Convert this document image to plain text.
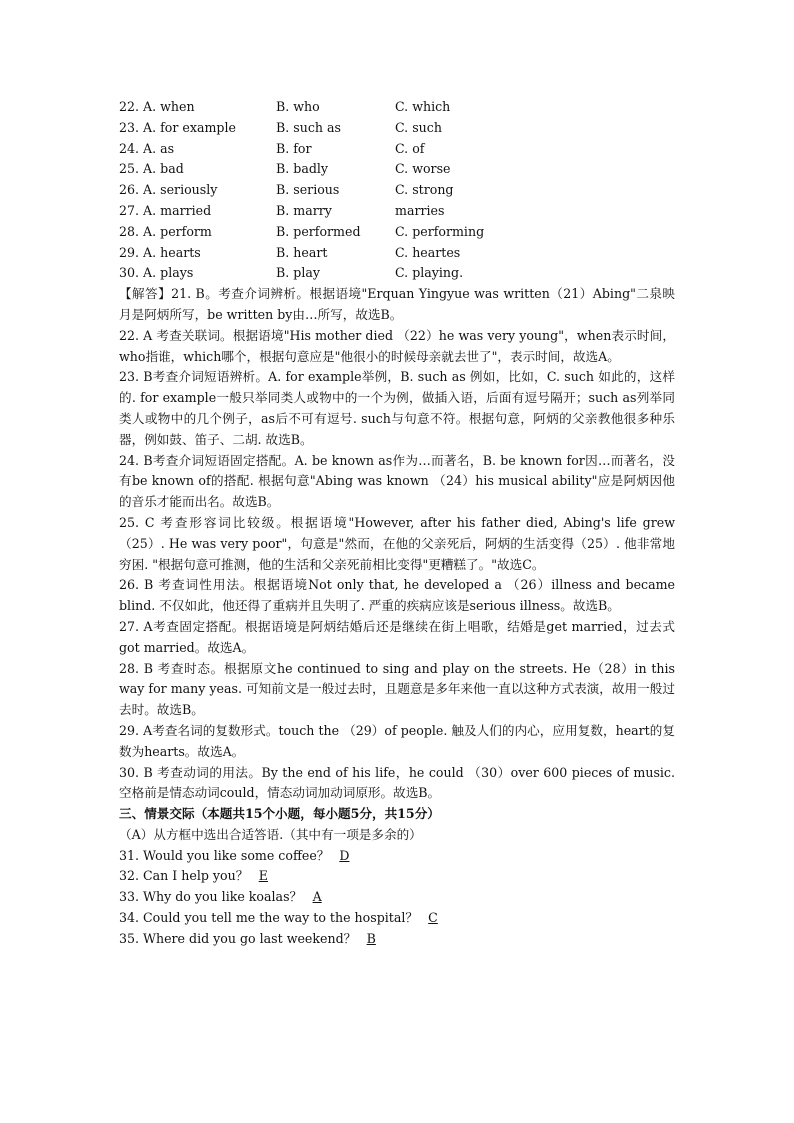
22. A. when	B. who	C. which
23. A. for example	B. such as	C. such
24. A. as	B. for	C. of
25. A. bad	B. badly	C. worse
26. A. seriously	B. serious	C. strong
27. A. married	B. marry	marries
28. A. perform	B. performed	C. performing
29. A. hearts	B. heart	C. heartes
30. A. plays	B. play	C. playing.

【解答】21. B。考查介词辨析。根据语境"Erquan Yingyue was written（21）Abing"二泉映月是阿炳所写，be written by由…所写，故选B。

22. A 考查关联词。根据语境"His mother died （22）he was very young"，when表示时间，who指谁，which哪个，根据句意应是"他很小的时候母亲就去世了"，表示时间，故选A。

23. B考查介词短语辨析。A. for example举例，B. such as 例如，比如，C. such 如此的，这样的. for example一般只举同类人或物中的一个为例，做插入语，后面有逗号隔开；such as列举同类人或物中的几个例子，as后不可有逗号. such与句意不符。根据句意，阿炳的父亲教他很多种乐器，例如鼓、笛子、二胡. 故选B。

24. B考查介词短语固定搭配。A. be known as作为…而著名，B. be known for因…而著名，没有be known of的搭配. 根据句意"Abing was known （24）his musical ability"应是阿炳因他的音乐才能而出名。故选B。

25. C 考查形容词比较级。根据语境"However, after his father died, Abing's life grew （25）. He was very poor"，句意是"然而，在他的父亲死后，阿炳的生活变得（25）. 他非常地穷困. "根据句意可推测，他的生活和父亲死前相比变得"更糟糕了。"故选C。

26. B 考查词性用法。根据语境Not only that, he developed a （26）illness and became blind. 不仅如此，他还得了重病并且失明了. 严重的疾病应该是serious illness。故选B。

27. A考查固定搭配。根据语境是阿炳结婚后还是继续在街上唱歌，结婚是get married，过去式got married。故选A。

28. B 考查时态。根据原文he continued to sing and play on the streets. He（28）in this way for many yeas. 可知前文是一般过去时，且题意是多年来他一直以这种方式表演，故用一般过去时。故选B。

29. A考查名词的复数形式。touch the （29）of people. 触及人们的内心，应用复数，heart的复数为hearts。故选A。

30. B 考查动词的用法。By the end of his life，he could （30）over 600 pieces of music. 空格前是情态动词could，情态动词加动词原形。故选B。

三、情景交际（本题共15个小题，每小题5分，共15分）

（A）从方框中选出合适答语.（其中有一项是多余的）

31. Would you like some coffee？ D

32. Can I help you？ E

33. Why do you like koalas？ A

34. Could you tell me the way to the hospital？ C

35. Where did you go last weekend？ B
